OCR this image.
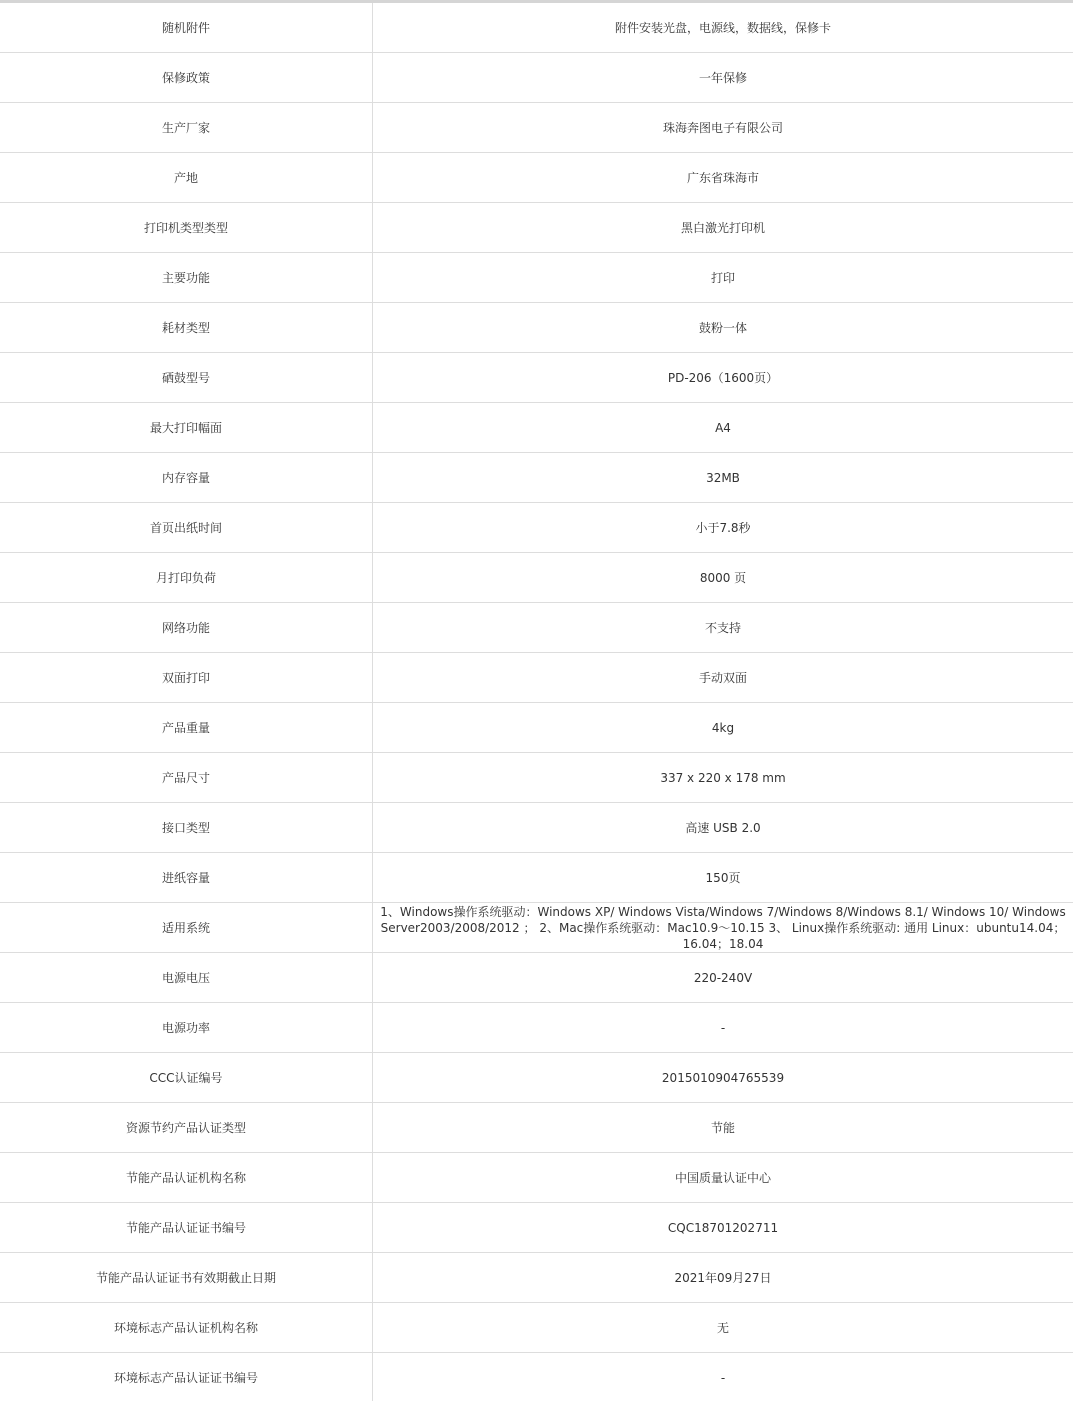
随机附件	附件安装光盘，电源线，数据线，保修卡
保修政策	一年保修
生产厂家	珠海奔图电子有限公司
产地	广东省珠海市
打印机类型类型	黑白激光打印机
主要功能	打印
耗材类型	鼓粉一体
硒鼓型号	PD-206（1600页）
最大打印幅面	A4
内存容量	32MB
首页出纸时间	小于7.8秒
月打印负荷	8000 页
网络功能	不支持
双面打印	手动双面
产品重量	4kg
产品尺寸	337 x 220 x 178 mm
接口类型	高速 USB 2.0
进纸容量	150页
适用系统	1、Windows操作系统驱动：Windows XP/ Windows Vista/Windows 7/Windows 8/Windows 8.1/ Windows 10/ Windows Server2003/2008/2012 ； 2、Mac操作系统驱动：Mac10.9～10.15 3、 Linux操作系统驱动: 通用 Linux：ubuntu14.04；16.04；18.04

电源电压	220-240V
电源功率	-
CCC认证编号	2015010904765539
资源节约产品认证类型	节能
节能产品认证机构名称	中国质量认证中心
节能产品认证证书编号	CQC18701202711
节能产品认证证书有效期截止日期	2021年09月27日
环境标志产品认证机构名称	无
环境标志产品认证证书编号	-
